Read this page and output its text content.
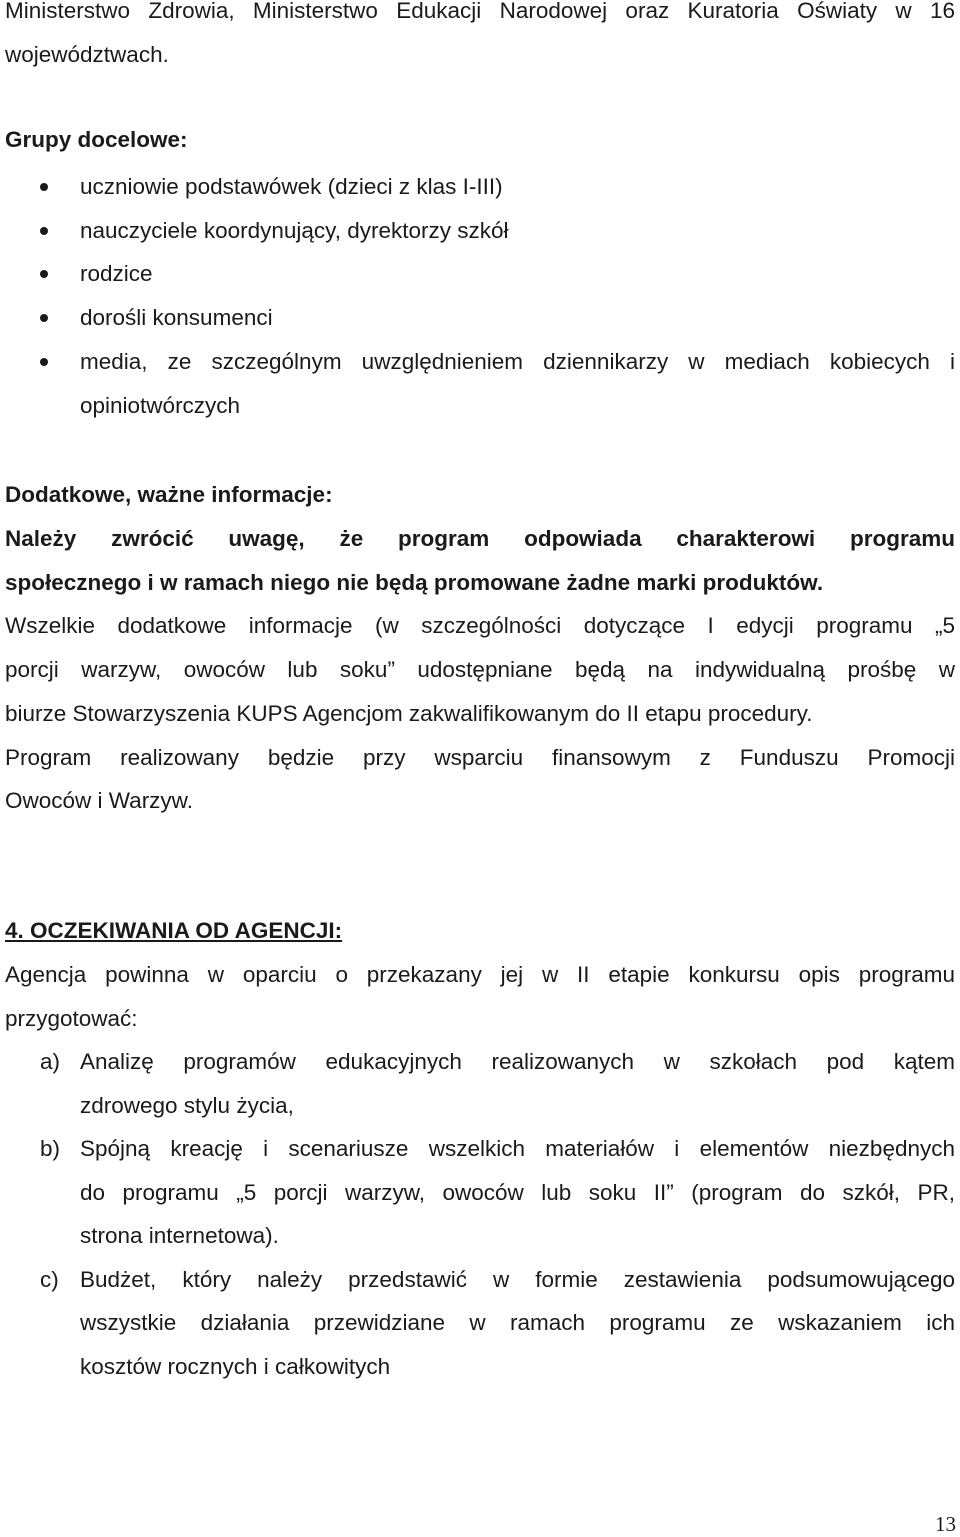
Ministerstwo Zdrowia, Ministerstwo Edukacji Narodowej oraz Kuratoria Oświaty w 16
województwach.
Grupy docelowe:
uczniowie podstawówek (dzieci z klas I-III)
nauczyciele koordynujący, dyrektorzy szkół
rodzice
dorośli konsumenci
media, ze szczególnym uwzględnieniem dziennikarzy w mediach kobiecych i
opiniotwórczych
Dodatkowe, ważne informacje:
Należy zwrócić uwagę, że program odpowiada charakterowi programu
społecznego i w ramach niego nie będą promowane żadne marki produktów.
Wszelkie dodatkowe informacje (w szczególności dotyczące I edycji programu „5
porcji warzyw, owoców lub soku” udostępniane będą na indywidualną prośbę w
biurze Stowarzyszenia KUPS Agencjom zakwalifikowanym do II etapu procedury.
Program realizowany będzie przy wsparciu finansowym z Funduszu Promocji
Owoców i Warzyw.
4. OCZEKIWANIA OD AGENCJI:
Agencja powinna w oparciu o przekazany jej w II etapie konkursu opis programu
przygotować:
a) Analizę programów edukacyjnych realizowanych w szkołach pod kątem
zdrowego stylu życia,
b) Spójną kreację i scenariusze wszelkich materiałów i elementów niezbędnych
do programu „5 porcji warzyw, owoców lub soku II” (program do szkół, PR,
strona internetowa).
c) Budżet, który należy przedstawić w formie zestawienia podsumowującego
wszystkie działania przewidziane w ramach programu ze wskazaniem ich
kosztów rocznych i całkowitych
13
